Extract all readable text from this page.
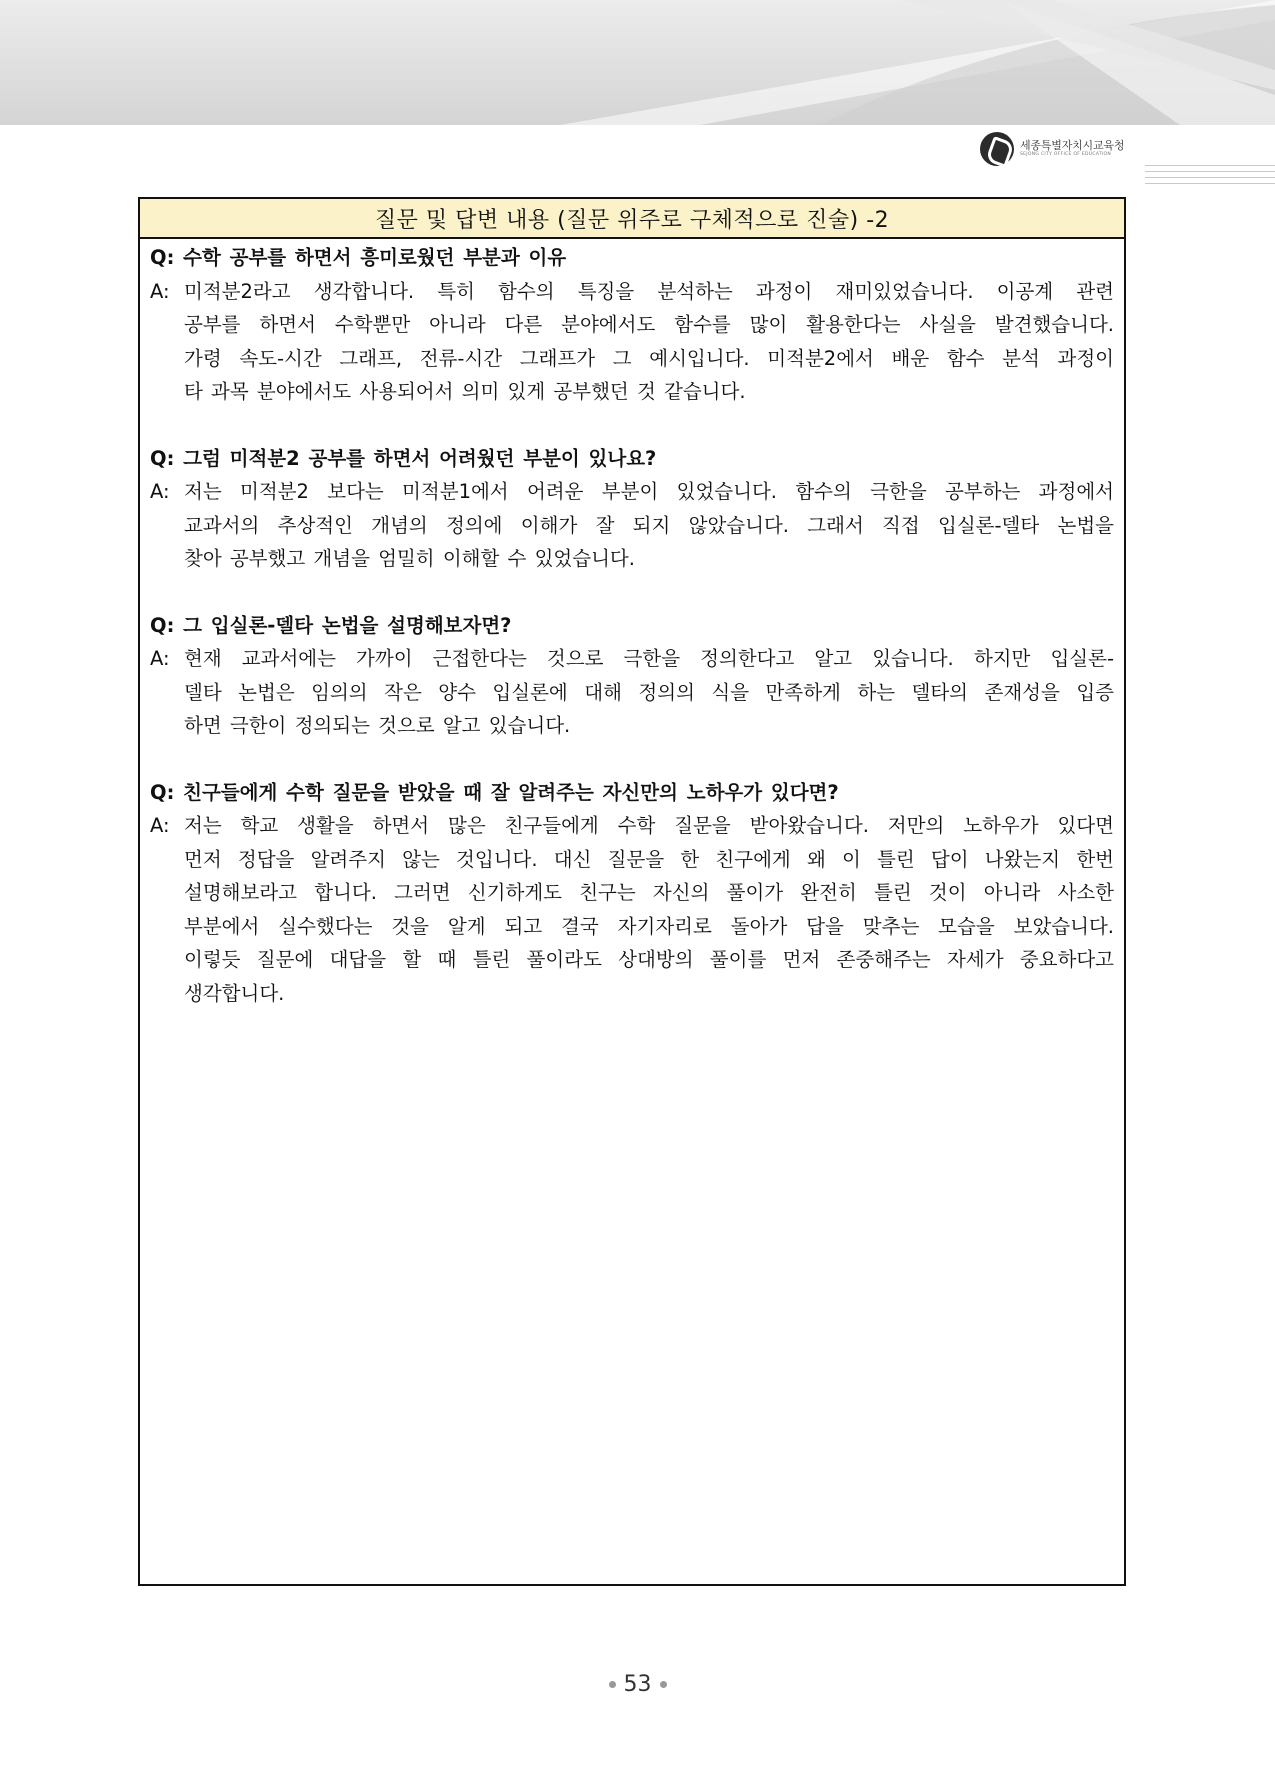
세종특별자치시교육청
SEJONG CITY OFFICE OF EDUCATION
질문 및 답변 내용 (질문 위주로 구체적으로 진술) -2
Q: 수학 공부를 하면서 흥미로웠던 부분과 이유
A: 미적분2라고 생각합니다. 특히 함수의 특징을 분석하는 과정이 재미있었습니다. 이공계 관련
공부를 하면서 수학뿐만 아니라 다른 분야에서도 함수를 많이 활용한다는 사실을 발견했습니다.
가령 속도-시간 그래프, 전류-시간 그래프가 그 예시입니다. 미적분2에서 배운 함수 분석 과정이
타 과목 분야에서도 사용되어서 의미 있게 공부했던 것 같습니다.
Q: 그럼 미적분2 공부를 하면서 어려웠던 부분이 있나요?
A: 저는 미적분2 보다는 미적분1에서 어려운 부분이 있었습니다. 함수의 극한을 공부하는 과정에서
교과서의 추상적인 개념의 정의에 이해가 잘 되지 않았습니다. 그래서 직접 입실론-델타 논법을
찾아 공부했고 개념을 엄밀히 이해할 수 있었습니다.
Q: 그 입실론-델타 논법을 설명해보자면?
A: 현재 교과서에는 가까이 근접한다는 것으로 극한을 정의한다고 알고 있습니다. 하지만 입실론-
델타 논법은 임의의 작은 양수 입실론에 대해 정의의 식을 만족하게 하는 델타의 존재성을 입증
하면 극한이 정의되는 것으로 알고 있습니다.
Q: 친구들에게 수학 질문을 받았을 때 잘 알려주는 자신만의 노하우가 있다면?
A: 저는 학교 생활을 하면서 많은 친구들에게 수학 질문을 받아왔습니다. 저만의 노하우가 있다면
먼저 정답을 알려주지 않는 것입니다. 대신 질문을 한 친구에게 왜 이 틀린 답이 나왔는지 한번
설명해보라고 합니다. 그러면 신기하게도 친구는 자신의 풀이가 완전히 틀린 것이 아니라 사소한
부분에서 실수했다는 것을 알게 되고 결국 자기자리로 돌아가 답을 맞추는 모습을 보았습니다.
이렇듯 질문에 대답을 할 때 틀린 풀이라도 상대방의 풀이를 먼저 존중해주는 자세가 중요하다고
생각합니다.
53
